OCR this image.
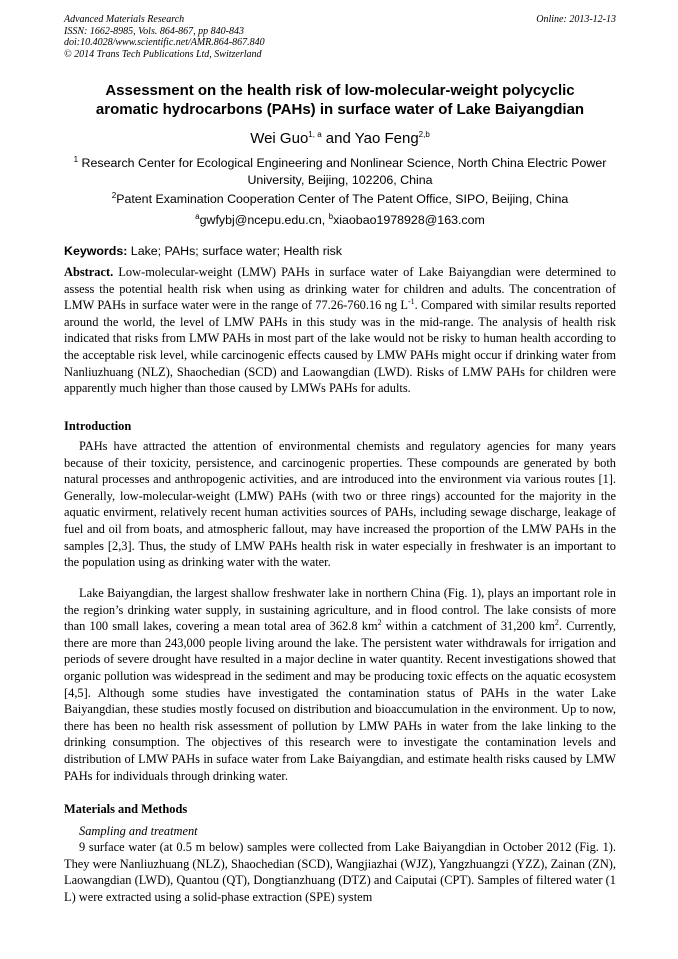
Advanced Materials Research
ISSN: 1662-8985, Vols. 864-867, pp 840-843
doi:10.4028/www.scientific.net/AMR.864-867.840
© 2014 Trans Tech Publications Ltd, Switzerland
Online: 2013-12-13
Assessment on the health risk of low-molecular-weight polycyclic
aromatic hydrocarbons (PAHs) in surface water of Lake Baiyangdian
Wei Guo$^{1, a}$ and Yao Feng$^{2,b}$
$^1$ Research Center for Ecological Engineering and Nonlinear Science, North China Electric Power
University, Beijing, 102206, China
$^2$Patent Examination Cooperation Center of The Patent Office, SIPO, Beijing, China
$^a$gwfybj@ncepu.edu.cn, $^b$xiaobao1978928@163.com
Keywords: Lake; PAHs; surface water; Health risk
Abstract. Low-molecular-weight (LMW) PAHs in surface water of Lake Baiyangdian were determined to assess the potential health risk when using as drinking water for children and adults. The concentration of LMW PAHs in surface water were in the range of 77.26-760.16 ng $L^{-1}$. Compared with similar results reported around the world, the level of LMW PAHs in this study was in the mid-range. The analysis of health risk indicated that risks from LMW PAHs in most part of the lake would not be risky to human health according to the acceptable risk level, while carcinogenic effects caused by LMW PAHs might occur if drinking water from Nanliuzhuang (NLZ), Shaochedian (SCD) and Laowangdian (LWD). Risks of LMW PAHs for children were apparently much higher than those caused by LMWs PAHs for adults.
Introduction
PAHs have attracted the attention of environmental chemists and regulatory agencies for many years because of their toxicity, persistence, and carcinogenic properties. These compounds are generated by both natural processes and anthropogenic activities, and are introduced into the environment via various routes [1]. Generally, low-molecular-weight (LMW) PAHs (with two or three rings) accounted for the majority in the aquatic envirment, relatively recent human activities sources of PAHs, including sewage discharge, leakage of fuel and oil from boats, and atmospheric fallout, may have increased the proportion of the LMW PAHs in the samples [2,3]. Thus, the study of LMW PAHs health risk in water especially in freshwater is an important to the population using as drinking water with the water.
Lake Baiyangdian, the largest shallow freshwater lake in northern China (Fig. 1), plays an important role in the region’s drinking water supply, in sustaining agriculture, and in flood control. The lake consists of more than 100 small lakes, covering a mean total area of 362.8 $km^2$ within a catchment of 31,200 $km^2$. Currently, there are more than 243,000 people living around the lake. The persistent water withdrawals for irrigation and periods of severe drought have resulted in a major decline in water quantity. Recent investigations showed that organic pollution was widespread in the sediment and may be producing toxic effects on the aquatic ecosystem [4,5]. Although some studies have investigated the contamination status of PAHs in the water Lake Baiyangdian, these studies mostly focused on distribution and bioaccumulation in the environment. Up to now, there has been no health risk assessment of pollution by LMW PAHs in water from the lake linking to the drinking consumption. The objectives of this research were to investigate the contamination levels and distribution of LMW PAHs in suface water from Lake Baiyangdian, and estimate health risks caused by LMW PAHs for individuals through drinking water.
Materials and Methods
Sampling and treatment
9 surface water (at 0.5 m below) samples were collected from Lake Baiyangdian in October 2012 (Fig. 1). They were Nanliuzhuang (NLZ), Shaochedian (SCD), Wangjiazhai (WJZ), Yangzhuangzi (YZZ), Zainan (ZN), Laowangdian (LWD), Quantou (QT), Dongtianzhuang (DTZ) and Caiputai (CPT). Samples of filtered water (1 L) were extracted using a solid-phase extraction (SPE) system
